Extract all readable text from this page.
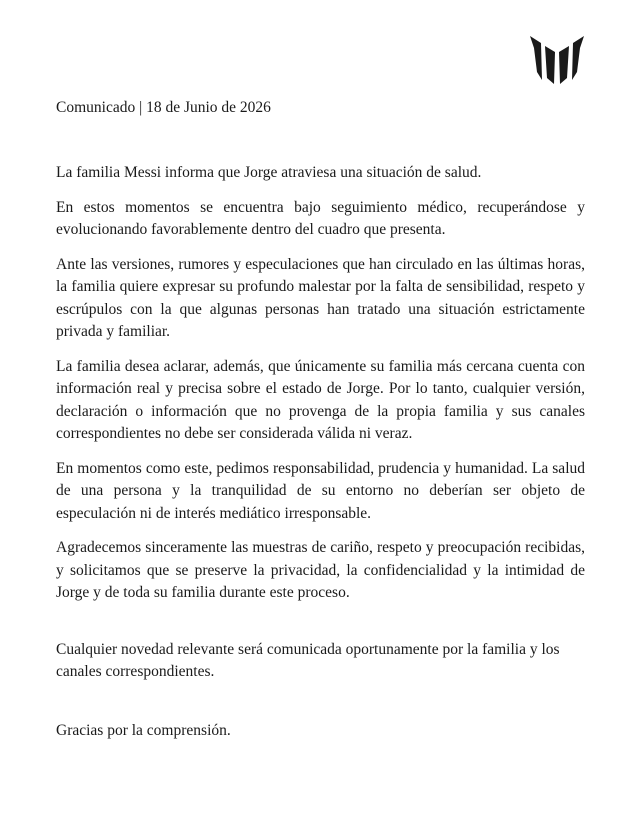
Comunicado | 18 de Junio de 2026

La familia Messi informa que Jorge atraviesa una situación de salud.

En estos momentos se encuentra bajo seguimiento médico, recuperándose y evolucionando favorablemente dentro del cuadro que presenta.

Ante las versiones, rumores y especulaciones que han circulado en las últimas horas, la familia quiere expresar su profundo malestar por la falta de sensibilidad, respeto y escrúpulos con la que algunas personas han tratado una situación estrictamente privada y familiar.

La familia desea aclarar, además, que únicamente su familia más cercana cuenta con información real y precisa sobre el estado de Jorge. Por lo tanto, cualquier versión, declaración o información que no provenga de la propia familia y sus canales correspondientes no debe ser considerada válida ni veraz.

En momentos como este, pedimos responsabilidad, prudencia y humanidad. La salud de una persona y la tranquilidad de su entorno no deberían ser objeto de especulación ni de interés mediático irresponsable.

Agradecemos sinceramente las muestras de cariño, respeto y preocupación recibidas, y solicitamos que se preserve la privacidad, la confidencialidad y la intimidad de Jorge y de toda su familia durante este proceso.

Cualquier novedad relevante será comunicada oportunamente por la familia y los canales correspondientes.

Gracias por la comprensión.
